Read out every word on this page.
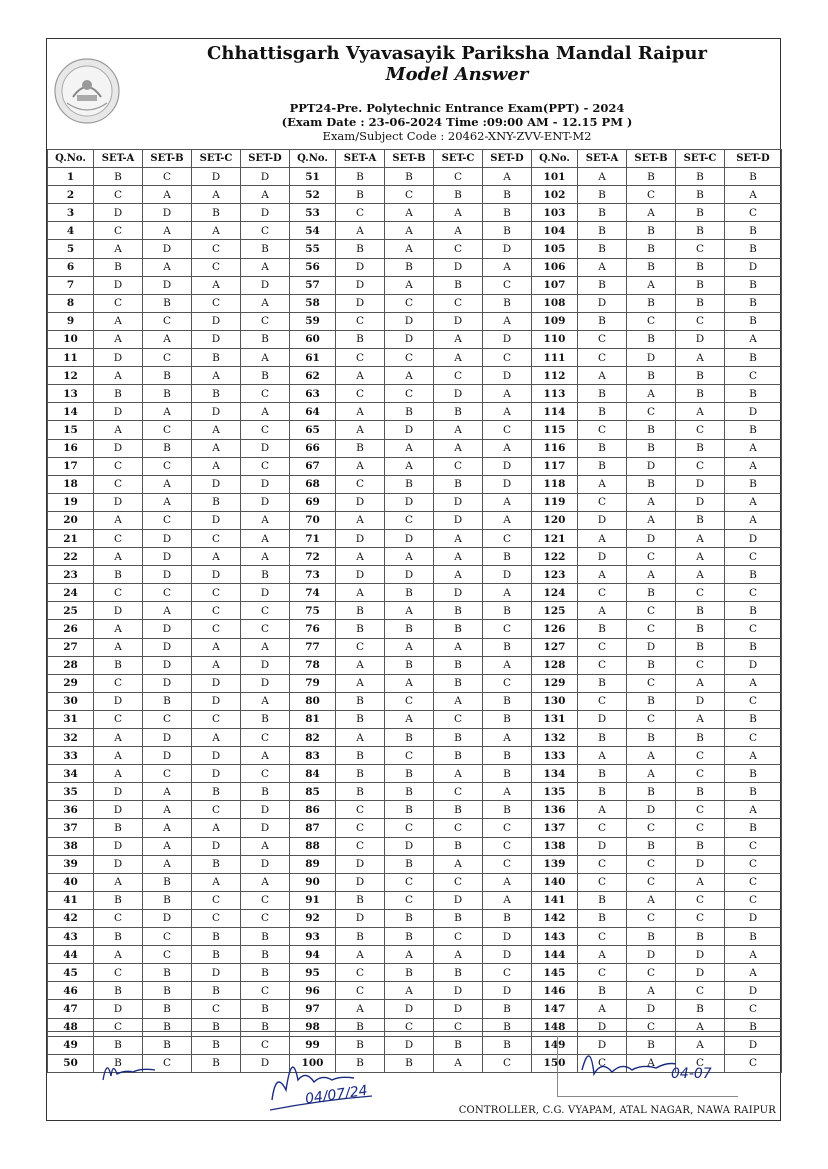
Chhattisgarh Vyavasayik Pariksha Mandal Raipur
Model Answer
PPT24-Pre. Polytechnic Entrance Exam(PPT) - 2024
(Exam Date : 23-06-2024 Time :09:00 AM - 12.15 PM )
Exam/Subject Code : 20462-XNY-ZVV-ENT-M2
Q.No.	SET-A	SET-B	SET-C	SET-D	Q.No.	SET-A	SET-B	SET-C	SET-D	Q.No.	SET-A	SET-B	SET-C	SET-D
1	B	C	D	D	51	B	B	C	A	101	A	B	B	B
2	C	A	A	A	52	B	C	B	B	102	B	C	B	A
3	D	D	B	D	53	C	A	A	B	103	B	A	B	C
4	C	A	A	C	54	A	A	A	B	104	B	B	B	B
5	A	D	C	B	55	B	A	C	D	105	B	B	C	B
6	B	A	C	A	56	D	B	D	A	106	A	B	B	D
7	D	D	A	D	57	D	A	B	C	107	B	A	B	B
8	C	B	C	A	58	D	C	C	B	108	D	B	B	B
9	A	C	D	C	59	C	D	D	A	109	B	C	C	B
10	A	A	D	B	60	B	D	A	D	110	C	B	D	A
11	D	C	B	A	61	C	C	A	C	111	C	D	A	B
12	A	B	A	B	62	A	A	C	D	112	A	B	B	C
13	B	B	B	C	63	C	C	D	A	113	B	A	B	B
14	D	A	D	A	64	A	B	B	A	114	B	C	A	D
15	A	C	A	C	65	A	D	A	C	115	C	B	C	B
16	D	B	A	D	66	B	A	A	A	116	B	B	B	A
17	C	C	A	C	67	A	A	C	D	117	B	D	C	A
18	C	A	D	D	68	C	B	B	D	118	A	B	D	B
19	D	A	B	D	69	D	D	D	A	119	C	A	D	A
20	A	C	D	A	70	A	C	D	A	120	D	A	B	A
21	C	D	C	A	71	D	D	A	C	121	A	D	A	D
22	A	D	A	A	72	A	A	A	B	122	D	C	A	C
23	B	D	D	B	73	D	D	A	D	123	A	A	A	B
24	C	C	C	D	74	A	B	D	A	124	C	B	C	C
25	D	A	C	C	75	B	A	B	B	125	A	C	B	B
26	A	D	C	C	76	B	B	B	C	126	B	C	B	C
27	A	D	A	A	77	C	A	A	B	127	C	D	B	B
28	B	D	A	D	78	A	B	B	A	128	C	B	C	D
29	C	D	D	D	79	A	A	B	C	129	B	C	A	A
30	D	B	D	A	80	B	C	A	B	130	C	B	D	C
31	C	C	C	B	81	B	A	C	B	131	D	C	A	B
32	A	D	A	C	82	A	B	B	A	132	B	B	B	C
33	A	D	D	A	83	B	C	B	B	133	A	A	C	A
34	A	C	D	C	84	B	B	A	B	134	B	A	C	B
35	D	A	B	B	85	B	B	C	A	135	B	B	B	B
36	D	A	C	D	86	C	B	B	B	136	A	D	C	A
37	B	A	A	D	87	C	C	C	C	137	C	C	C	B
38	D	A	D	A	88	C	D	B	C	138	D	B	B	C
39	D	A	B	D	89	D	B	A	C	139	C	C	D	C
40	A	B	A	A	90	D	C	C	A	140	C	C	A	C
41	B	B	C	C	91	B	C	D	A	141	B	A	C	C
42	C	D	C	C	92	D	B	B	B	142	B	C	C	D
43	B	C	B	B	93	B	B	C	D	143	C	B	B	B
44	A	C	B	B	94	A	A	A	D	144	A	D	D	A
45	C	B	D	B	95	C	B	B	C	145	C	C	D	A
46	B	B	B	C	96	C	A	D	D	146	B	A	C	D
47	D	B	C	B	97	A	D	D	B	147	A	D	B	C
48	C	B	B	B	98	B	C	C	B	148	D	C	A	B
49	B	B	B	C	99	B	D	B	B	149	D	B	A	D
50	B	C	B	D	100	B	B	A	C	150	C	A	C	C
04/07/24
04-07
CONTROLLER, C.G. VYAPAM, ATAL NAGAR, NAWA RAIPUR
